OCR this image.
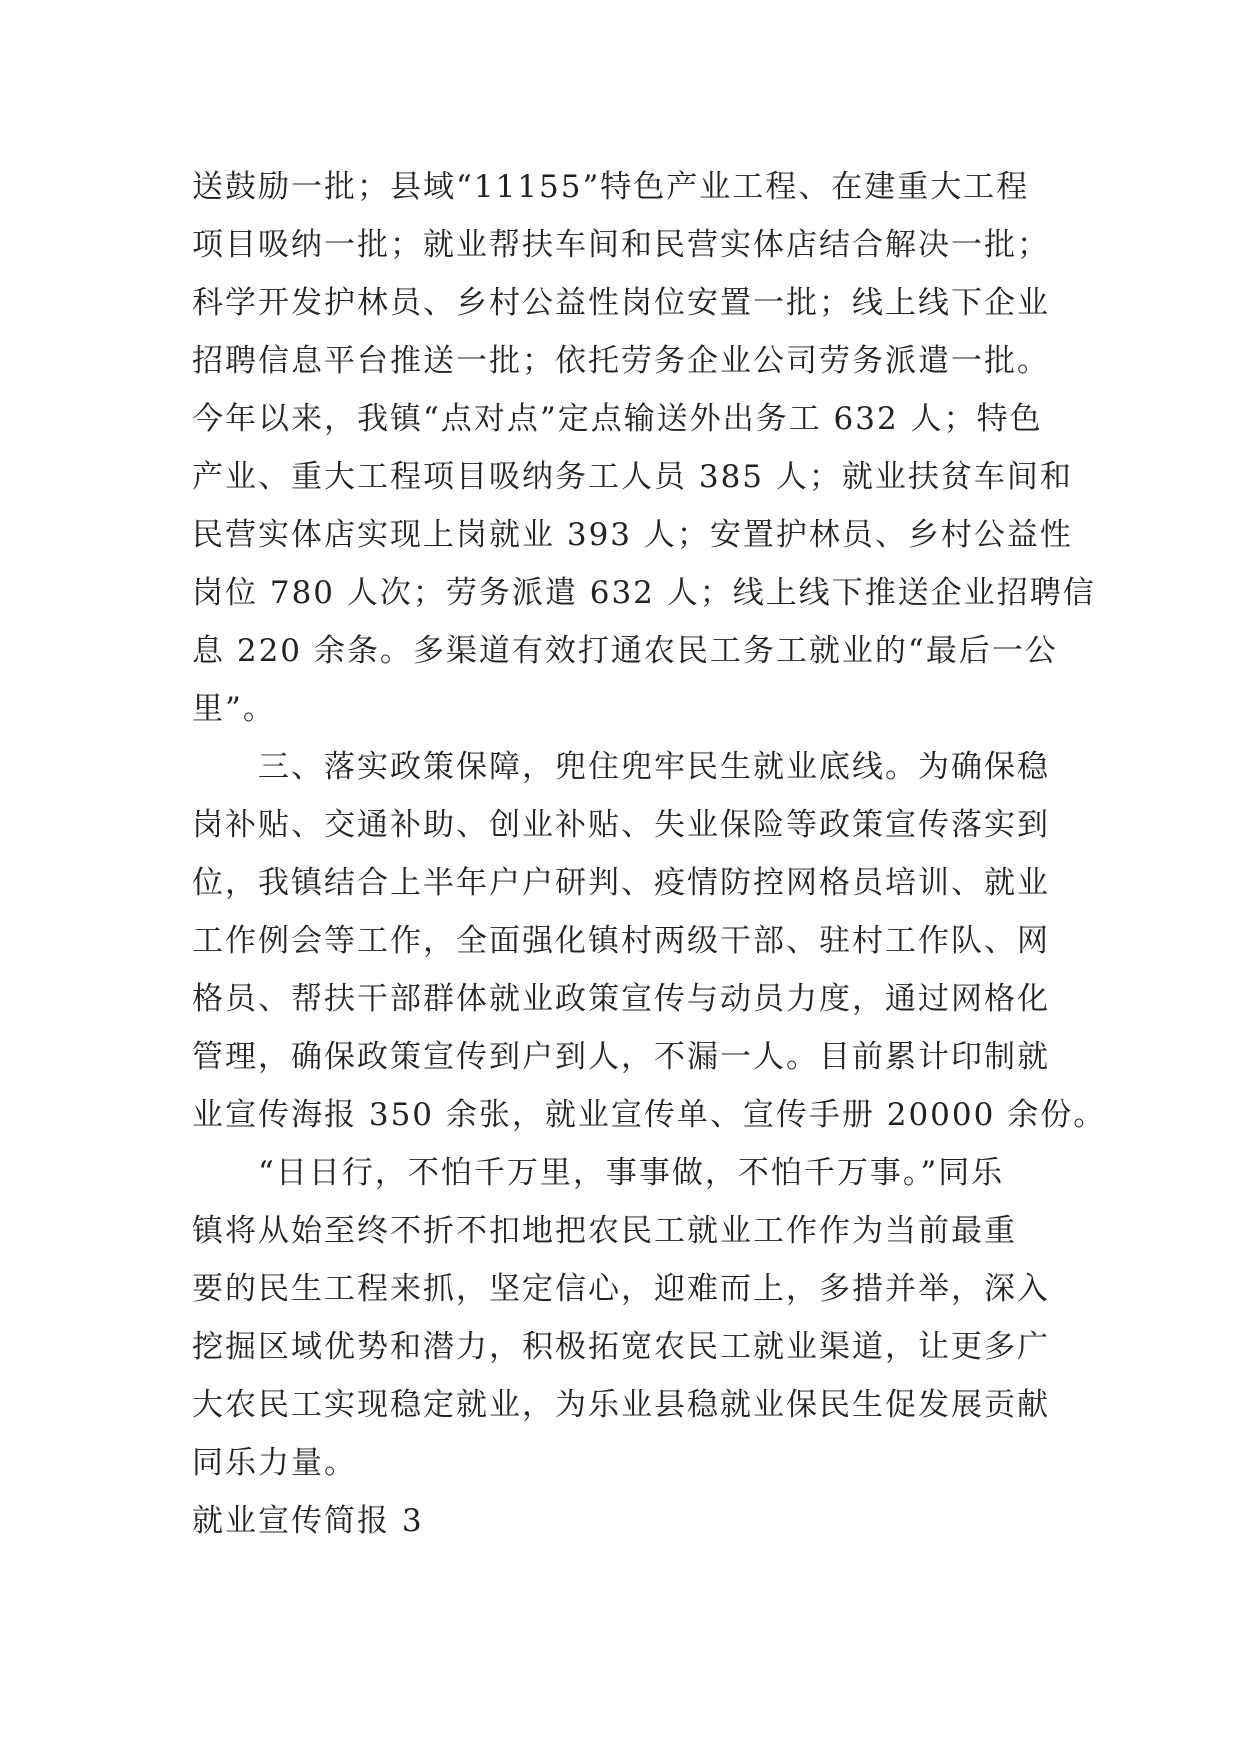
送鼓励一批；县域“11155”特色产业工程、在建重大工程
项目吸纳一批；就业帮扶车间和民营实体店结合解决一批；
科学开发护林员、乡村公益性岗位安置一批；线上线下企业
招聘信息平台推送一批；依托劳务企业公司劳务派遣一批。
今年以来，我镇“点对点”定点输送外出务工 632 人；特色
产业、重大工程项目吸纳务工人员 385 人；就业扶贫车间和
民营实体店实现上岗就业 393 人；安置护林员、乡村公益性
岗位 780 人次；劳务派遣 632 人；线上线下推送企业招聘信
息 220 余条。多渠道有效打通农民工务工就业的“最后一公
里”。
三、落实政策保障，兜住兜牢民生就业底线。为确保稳
岗补贴、交通补助、创业补贴、失业保险等政策宣传落实到
位，我镇结合上半年户户研判、疫情防控网格员培训、就业
工作例会等工作，全面强化镇村两级干部、驻村工作队、网
格员、帮扶干部群体就业政策宣传与动员力度，通过网格化
管理，确保政策宣传到户到人，不漏一人。目前累计印制就
业宣传海报 350 余张，就业宣传单、宣传手册 20000 余份。
“日日行，不怕千万里，事事做，不怕千万事。”同乐
镇将从始至终不折不扣地把农民工就业工作作为当前最重
要的民生工程来抓，坚定信心，迎难而上，多措并举，深入
挖掘区域优势和潜力，积极拓宽农民工就业渠道，让更多广
大农民工实现稳定就业，为乐业县稳就业保民生促发展贡献
同乐力量。
就业宣传简报 3
